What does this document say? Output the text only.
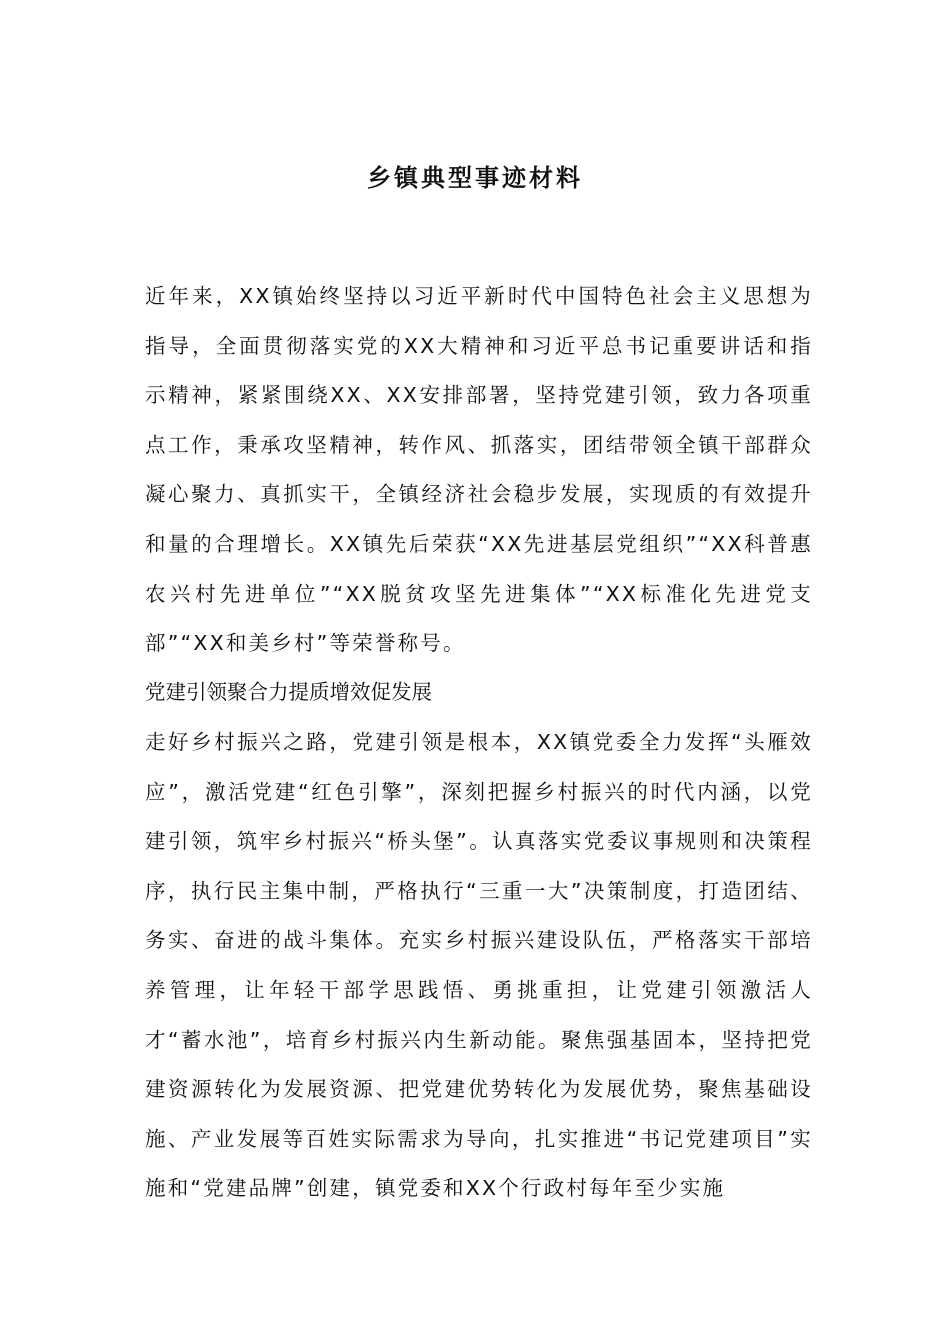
乡镇典型事迹材料

近年来，XX镇始终坚持以习近平新时代中国特色社会主义思想为指导，全面贯彻落实党的XX大精神和习近平总书记重要讲话和指示精神，紧紧围绕XX、XX安排部署，坚持党建引领，致力各项重点工作，秉承攻坚精神，转作风、抓落实，团结带领全镇干部群众凝心聚力、真抓实干，全镇经济社会稳步发展，实现质的有效提升和量的合理增长。XX镇先后荣获“XX先进基层党组织”“XX科普惠农兴村先进单位”“XX脱贫攻坚先进集体”“XX标准化先进党支部”“XX和美乡村”等荣誉称号。

党建引领聚合力提质增效促发展

走好乡村振兴之路，党建引领是根本，XX镇党委全力发挥“头雁效应”，激活党建“红色引擎”，深刻把握乡村振兴的时代内涵，以党建引领，筑牢乡村振兴“桥头堡”。认真落实党委议事规则和决策程序，执行民主集中制，严格执行“三重一大”决策制度，打造团结、务实、奋进的战斗集体。充实乡村振兴建设队伍，严格落实干部培养管理，让年轻干部学思践悟、勇挑重担，让党建引领激活人才“蓄水池”，培育乡村振兴内生新动能。聚焦强基固本，坚持把党建资源转化为发展资源、把党建优势转化为发展优势，聚焦基础设施、产业发展等百姓实际需求为导向，扎实推进“书记党建项目”实施和“党建品牌”创建，镇党委和XX个行政村每年至少实施
